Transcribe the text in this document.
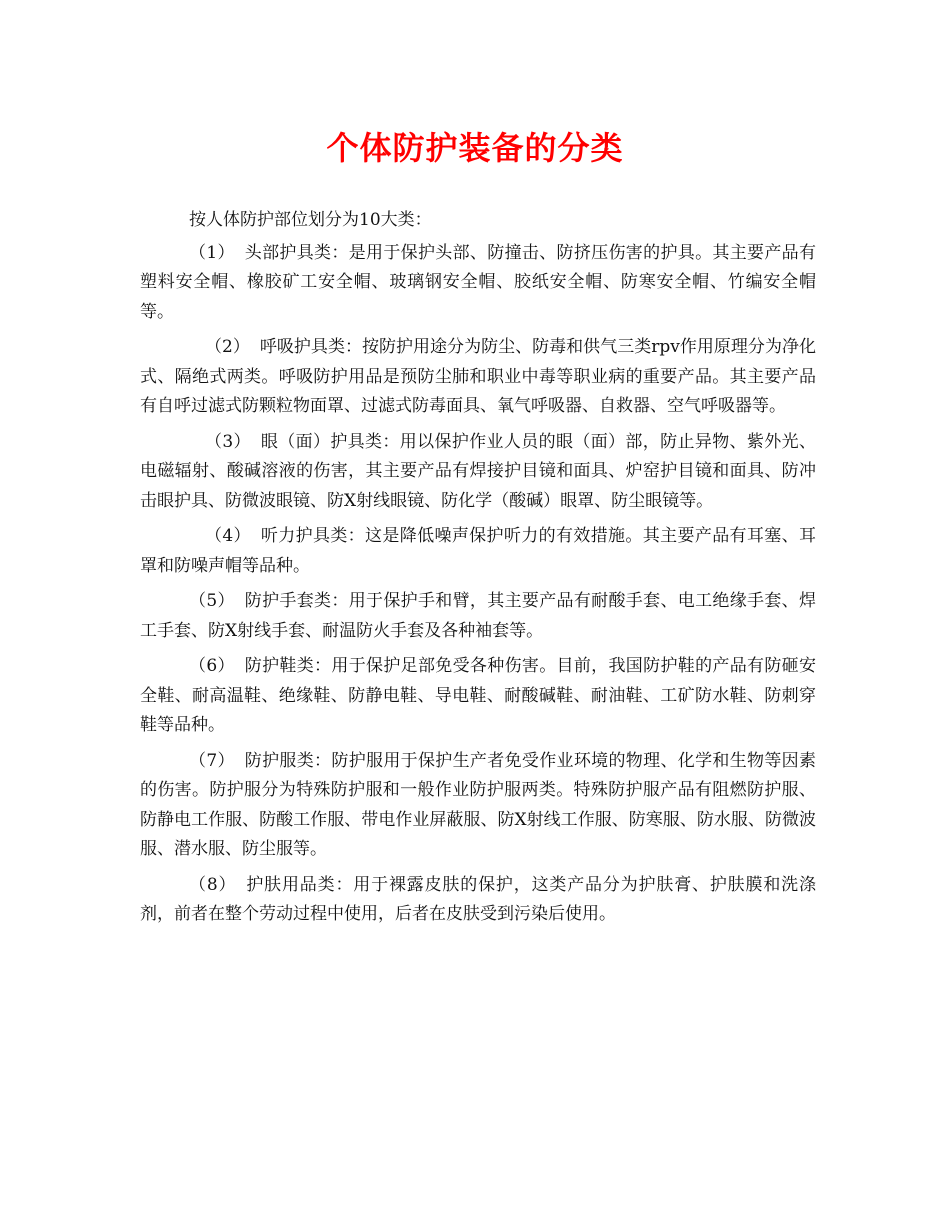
个体防护装备的分类

按人体防护部位划分为10大类：

（1） 头部护具类：是用于保护头部、防撞击、防挤压伤害的护具。其主要产品有塑料安全帽、橡胶矿工安全帽、玻璃钢安全帽、胶纸安全帽、防寒安全帽、竹编安全帽等。

（2） 呼吸护具类：按防护用途分为防尘、防毒和供气三类rpv作用原理分为净化式、隔绝式两类。呼吸防护用品是预防尘肺和职业中毒等职业病的重要产品。其主要产品有自呼过滤式防颗粒物面罩、过滤式防毒面具、氧气呼吸器、自救器、空气呼吸器等。

（3） 眼（面）护具类：用以保护作业人员的眼（面）部，防止异物、紫外光、电磁辐射、酸碱溶液的伤害，其主要产品有焊接护目镜和面具、炉窑护目镜和面具、防冲击眼护具、防微波眼镜、防X射线眼镜、防化学（酸碱）眼罩、防尘眼镜等。

（4） 听力护具类：这是降低噪声保护听力的有效措施。其主要产品有耳塞、耳罩和防噪声帽等品种。

（5） 防护手套类：用于保护手和臂，其主要产品有耐酸手套、电工绝缘手套、焊工手套、防X射线手套、耐温防火手套及各种袖套等。

（6） 防护鞋类：用于保护足部免受各种伤害。目前，我国防护鞋的产品有防砸安全鞋、耐高温鞋、绝缘鞋、防静电鞋、导电鞋、耐酸碱鞋、耐油鞋、工矿防水鞋、防刺穿鞋等品种。

（7） 防护服类：防护服用于保护生产者免受作业环境的物理、化学和生物等因素的伤害。防护服分为特殊防护服和一般作业防护服两类。特殊防护服产品有阻燃防护服、防静电工作服、防酸工作服、带电作业屏蔽服、防X射线工作服、防寒服、防水服、防微波服、潜水服、防尘服等。

（8） 护肤用品类：用于裸露皮肤的保护，这类产品分为护肤膏、护肤膜和洗涤剂，前者在整个劳动过程中使用，后者在皮肤受到污染后使用。
